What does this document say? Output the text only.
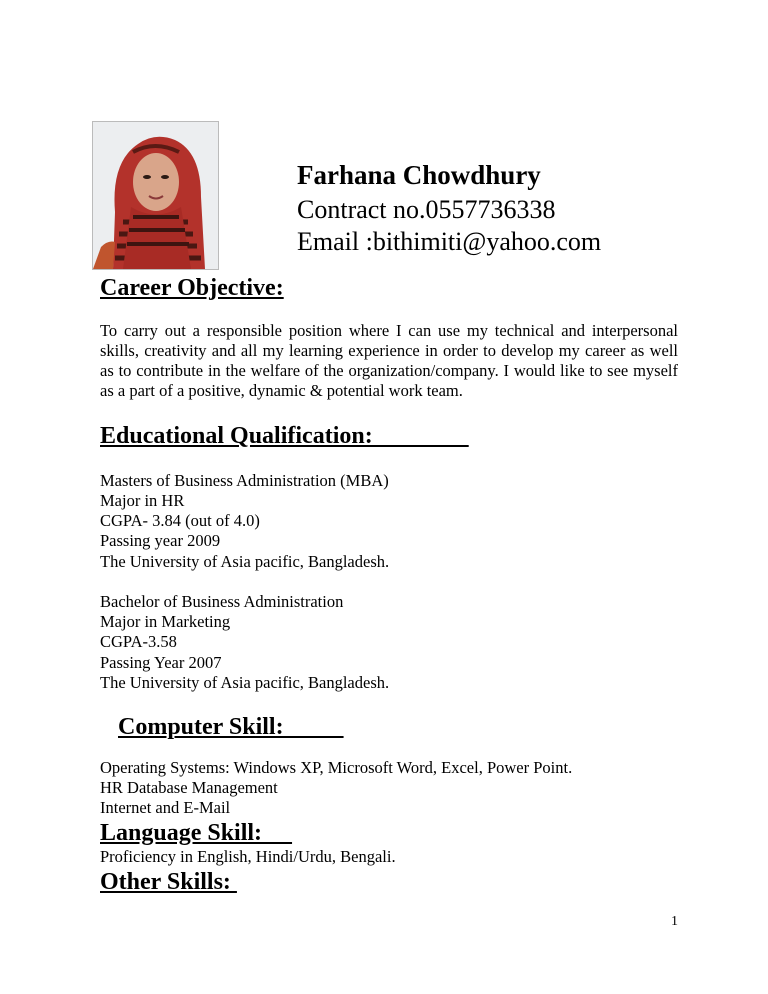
Farhana Chowdhury
Contract no.0557736338
Email :bithimiti@yahoo.com
Career Objective:
To carry out a responsible position where I can use my technical and interpersonal skills, creativity and all my learning experience in order to develop my career as well as to contribute in the welfare of the organization/company. I would like to see myself as a part of a positive, dynamic & potential work team.
Educational Qualification:
Masters of Business Administration (MBA)
Major in HR
CGPA- 3.84 (out of 4.0)
Passing year 2009
The University of Asia pacific, Bangladesh.
Bachelor of Business Administration
Major in Marketing
CGPA-3.58
Passing Year 2007
The University of Asia pacific, Bangladesh.
Computer Skill:
Operating Systems: Windows XP, Microsoft Word, Excel, Power Point.
HR Database Management
Internet and E-Mail
Language Skill:
Proficiency in English, Hindi/Urdu, Bengali.
Other Skills:
1
